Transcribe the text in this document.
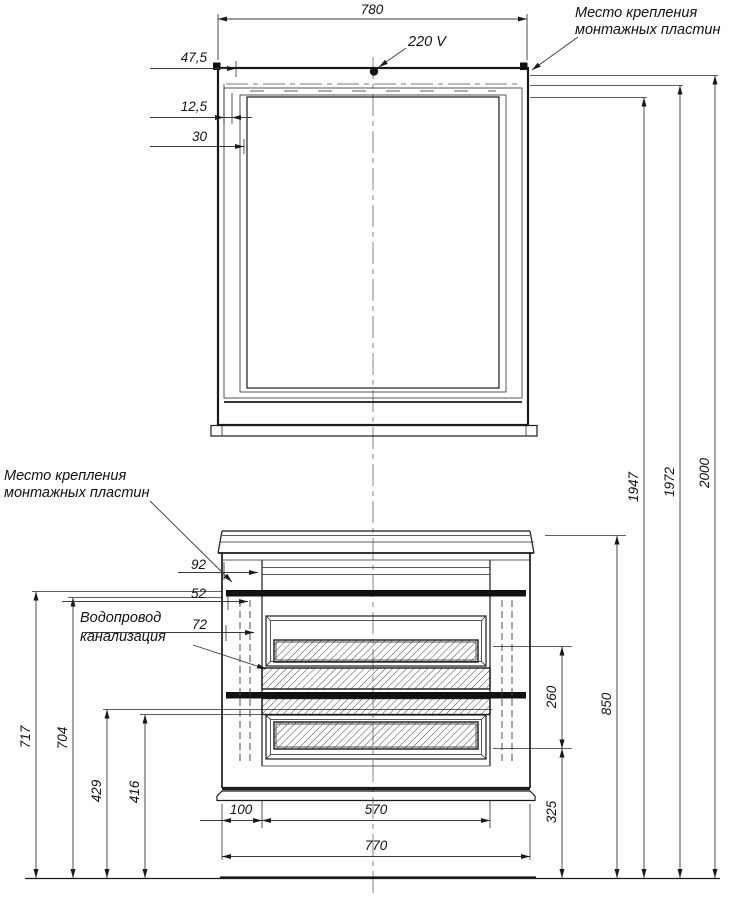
780
47,5
12,5
30
2000
1972
1947
850
260
325
717 704
429 416
92
52
72
100	570
770
220 V
Место крепления
монтажных пластин
Место крепления
монтажных пластин
Водопровод
канализация
